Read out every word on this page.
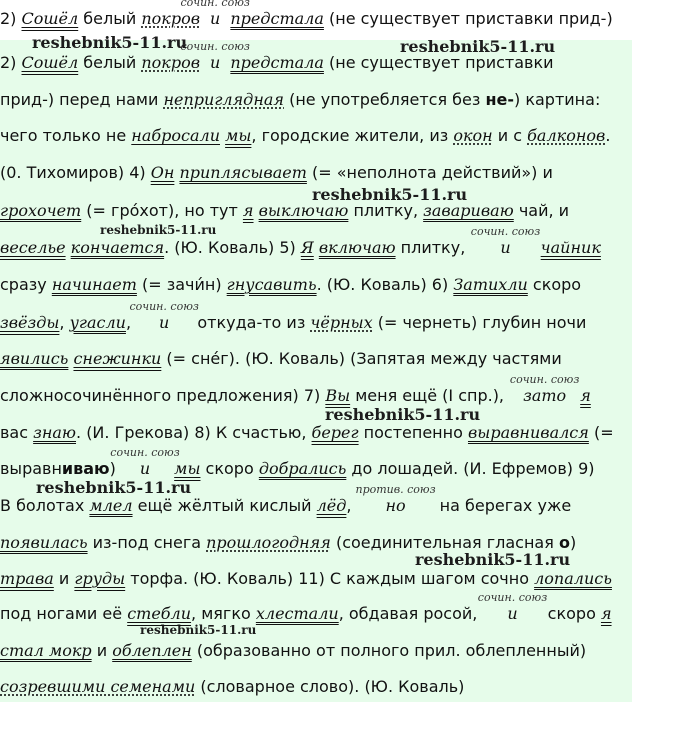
2) Сошёл белый покров
сочин. союз
и предстала (не существует приставки прид-)
reshebnik5-11.ru	reshebnik5-11.ru
reshebnik5-11.ru
reshebnik5-11.ru
reshebnik5-11.ru
reshebnik5-11.ru
reshebnik5-11.ru
reshebnik5-11.ru
2) Сошёл белый покров
сочин. союз
и предстала (не существует приставки
прид-) перед нами неприглядная (не употребляется без не-) картина:
чего только не набросали мы, городские жители, из окон и с балконов.
(0. Тихомиров) 4) Он приплясывает (= «неполнота действий») и
грохочет (= гро́хот), но тут я выключаю плитку, завариваю чай, и
веселье кончается. (Ю. Коваль) 5) Я включаю плитку,
сочин. союз
и чайник
сразу начинает (= зачи́н) гнусавить. (Ю. Коваль) 6) Затихли скоро
звёзды, угасли,
сочин. союз
и откуда-то из чёрных (= чернеть) глубин ночи
явились снежинки (= сне́г). (Ю. Коваль) (Запятая между частями
сложносочинённого предложения) 7) Вы меня ещё (I спр.),
сочин. союз
зато я
вас знаю. (И. Грекова) 8) К счастью, берег постепенно выравнивался (=
выравниваю)
сочин. союз
и мы скоро добрались до лошадей. (И. Ефремов) 9)
В болотах млел ещё жёлтый кислый лёд,
против. союз
но на берегах уже
появилась из-под снега прошлогодняя (соединительная гласная о)
трава и груды торфа. (Ю. Коваль) 11) С каждым шагом сочно лопались
под ногами её стебли, мягко хлестали, обдавая росой,
сочин. союз
и скоро я
стал мокр и облеплен (образованно от полного прил. облепленный)
созревшими семенами (словарное слово). (Ю. Коваль)
